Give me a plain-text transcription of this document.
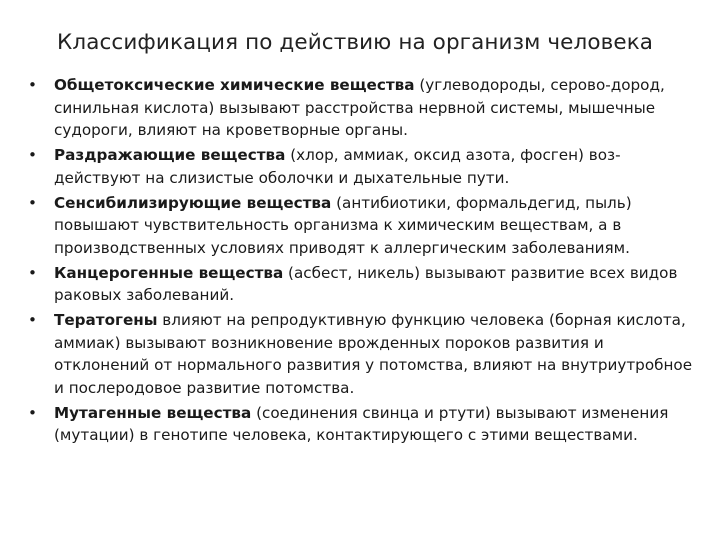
Классификация по действию на организм человека
• Общетоксические химические вещества (углеводороды, серово-дород, синильная кислота) вызывают расстройства нервной системы, мышечные судороги, влияют на кроветворные органы.
• Раздражающие вещества (хлор, аммиак, оксид азота, фосген) воз-действуют на слизистые оболочки и дыхательные пути.
• Сенсибилизирующие вещества (антибиотики, формальдегид, пыль) повышают чувствительность организма к химическим веществам, а в производственных условиях приводят к аллергическим заболеваниям.
• Канцерогенные вещества (асбест, никель) вызывают развитие всех видов раковых заболеваний.
• Тератогены влияют на репродуктивную функцию человека (борная кислота, аммиак) вызывают возникновение врожденных пороков развития и отклонений от нормального развития у потомства, влияют на внутриутробное и послеродовое развитие потомства.
• Мутагенные вещества (соединения свинца и ртути) вызывают изменения (мутации) в генотипе человека, контактирующего с этими веществами.
